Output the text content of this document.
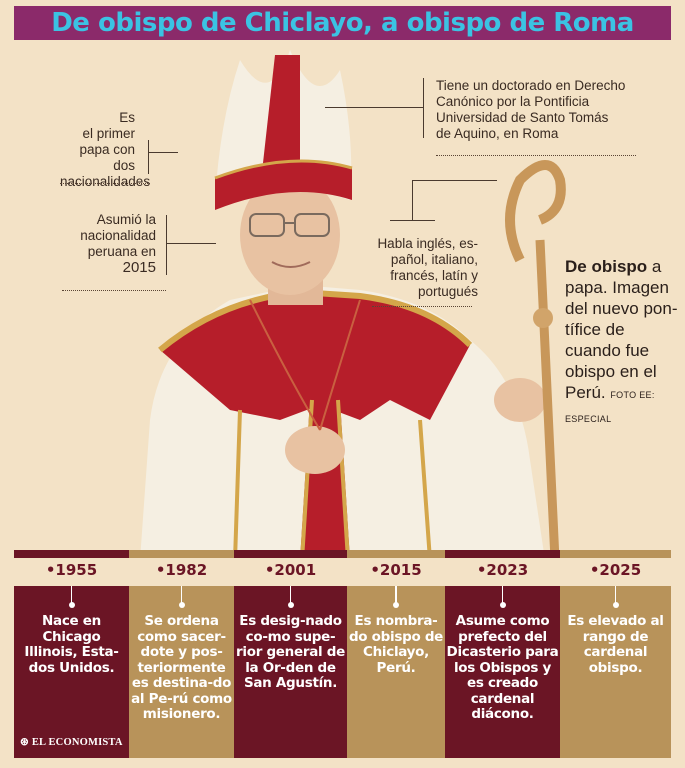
De obispo de Chiclayo, a obispo de Roma
Es
el primer
papa con dos
nacionalidades
Asumió la
nacionalidad
peruana en
2015
Tiene un doctorado en Derecho
Canónico por la Pontificia
Universidad de Santo Tomás
de Aquino, en Roma
Habla inglés, es-
pañol, italiano,
francés, latín y
portugués
De obispo a papa. Imagen del nuevo pon-tífice de cuando fue obispo en el Perú. FOTO EE: ESPECIAL
•1955
Nace en Chicago Illinois, Esta-dos Unidos.
•1982
Se ordena como sacer-dote y pos-teriormente es destina-do al Pe-rú como misionero.
•2001
Es desig-nado co-mo supe-rior general de la Or-den de San Agustín.
•2015
Es nombra-do obispo de Chiclayo, Perú.
•2023
Asume como prefecto del Dicasterio para los Obispos y es creado cardenal diácono.
•2025
Es elevado al rango de cardenal obispo.
⊛ EL ECONOMISTA
